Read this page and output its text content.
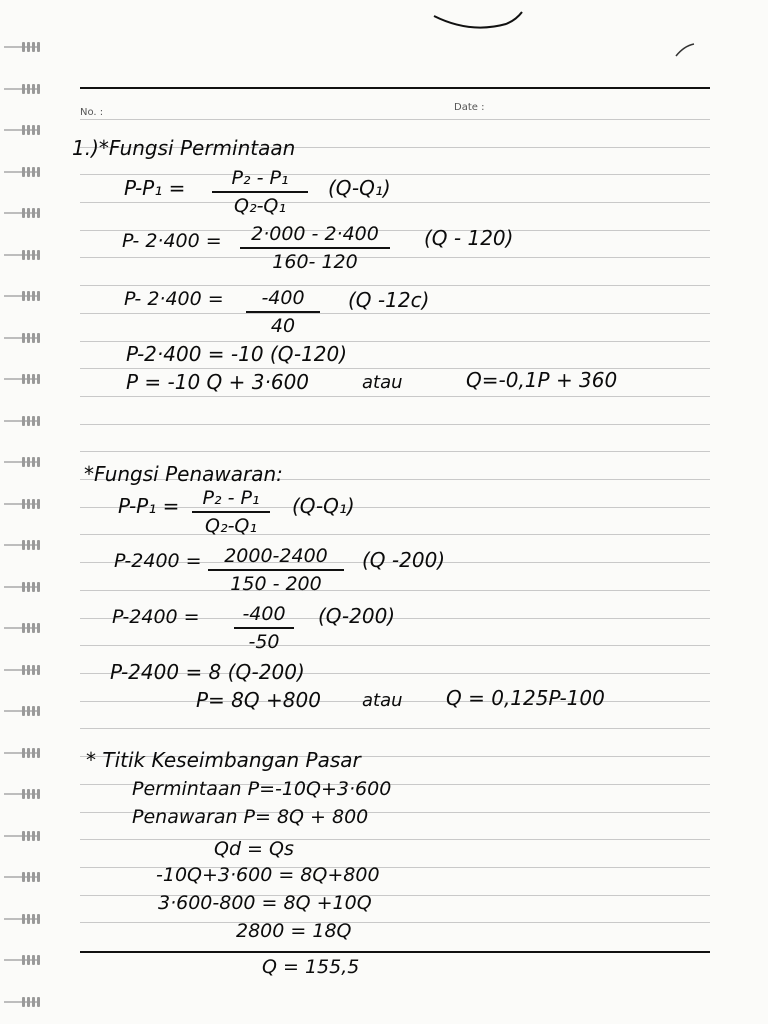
No. :	Date :
1.)*Fungsi Permintaan
P-P₁ =	P₂ - P₁
Q₂-Q₁
(Q-Q₁)
P- 2·400 =	2·000 - 2·400
160- 120
(Q - 120)
P- 2·400 =	-400
40
(Q -12c)
P-2·400 = -10 (Q-120)
P = -10 Q + 3·600	atau	Q=-0,1P + 360
*Fungsi Penawaran:
P-P₁ =	P₂ - P₁
Q₂-Q₁
(Q-Q₁)
P-2400 =	2000-2400
150 - 200
(Q -200)
P-2400 =	-400
-50
(Q-200)
P-2400 = 8 (Q-200)
P= 8Q +800 atau Q = 0,125P-100
* Titik Keseimbangan Pasar
Permintaan P=-10Q+3·600
Penawaran P= 8Q + 800
Qd = Qs
-10Q+3·600 = 8Q+800
3·600-800 = 8Q +10Q
2800 = 18Q
Q = 155,5
